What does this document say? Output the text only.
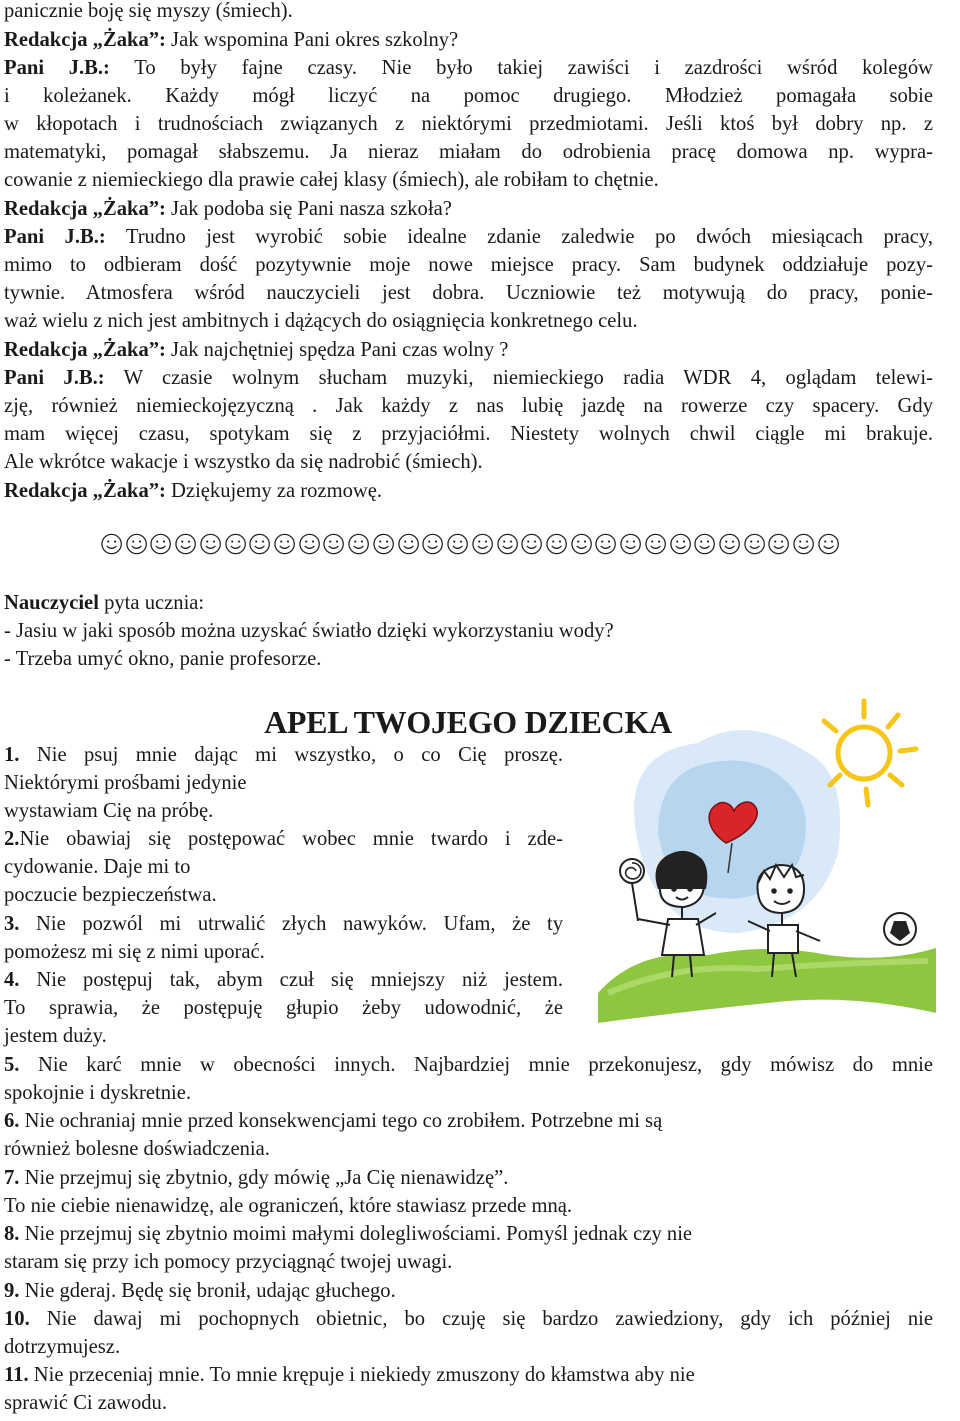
panicznie boję się myszy (śmiech).
Redakcja „Żaka”: Jak wspomina Pani okres szkolny?
Pani J.B.: To były fajne czasy. Nie było takiej zawiści i zazdrości wśród kolegów
i koleżanek. Każdy mógł liczyć na pomoc drugiego. Młodzież pomagała sobie
w kłopotach i trudnościach związanych z niektórymi przedmiotami. Jeśli ktoś był dobry np. z
matematyki, pomagał słabszemu. Ja nieraz miałam do odrobienia pracę domowa np. wypra-
cowanie z niemieckiego dla prawie całej klasy (śmiech), ale robiłam to chętnie.
Redakcja „Żaka”: Jak podoba się Pani nasza szkoła?
Pani J.B.: Trudno jest wyrobić sobie idealne zdanie zaledwie po dwóch miesiącach pracy,
mimo to odbieram dość pozytywnie moje nowe miejsce pracy. Sam budynek oddziałuje pozy-
tywnie. Atmosfera wśród nauczycieli jest dobra. Uczniowie też motywują do pracy, ponie-
waż wielu z nich jest ambitnych i dążących do osiągnięcia konkretnego celu.
Redakcja „Żaka”: Jak najchętniej spędza Pani czas wolny ?
Pani J.B.: W czasie wolnym słucham muzyki, niemieckiego radia WDR 4, oglądam telewi-
zję, również niemieckojęzyczną . Jak każdy z nas lubię jazdę na rowerze czy spacery. Gdy
mam więcej czasu, spotykam się z przyjaciółmi. Niestety wolnych chwil ciągle mi brakuje.
Ale wkrótce wakacje i wszystko da się nadrobić (śmiech).
Redakcja „Żaka”: Dziękujemy za rozmowę.
Nauczyciel pyta ucznia:
- Jasiu w jaki sposób można uzyskać światło dzięki wykorzystaniu wody?
- Trzeba umyć okno, panie profesorze.
1. Nie psuj mnie dając mi wszystko, o co Cię proszę.
Niektórymi prośbami jedynie
wystawiam Cię na próbę.
2.Nie obawiaj się postępować wobec mnie twardo i zde-
cydowanie. Daje mi to
poczucie bezpieczeństwa.
3. Nie pozwól mi utrwalić złych nawyków. Ufam, że ty
pomożesz mi się z nimi uporać.
4. Nie postępuj tak, abym czuł się mniejszy niż jestem.
To sprawia, że postępuję głupio żeby udowodnić, że
jestem duży.
5. Nie karć mnie w obecności innych. Najbardziej mnie przekonujesz, gdy mówisz do mnie
spokojnie i dyskretnie.
6. Nie ochraniaj mnie przed konsekwencjami tego co zrobiłem. Potrzebne mi są
również bolesne doświadczenia.
7. Nie przejmuj się zbytnio, gdy mówię „Ja Cię nienawidzę”.
To nie ciebie nienawidzę, ale ograniczeń, które stawiasz przede mną.
8. Nie przejmuj się zbytnio moimi małymi dolegliwościami. Pomyśl jednak czy nie
staram się przy ich pomocy przyciągnąć twojej uwagi.
9. Nie gderaj. Będę się bronił, udając głuchego.
10. Nie dawaj mi pochopnych obietnic, bo czuję się bardzo zawiedziony, gdy ich później nie
dotrzymujesz.
11. Nie przeceniaj mnie. To mnie krępuje i niekiedy zmuszony do kłamstwa aby nie
sprawić Ci zawodu.
APEL TWOJEGO DZIECKA
